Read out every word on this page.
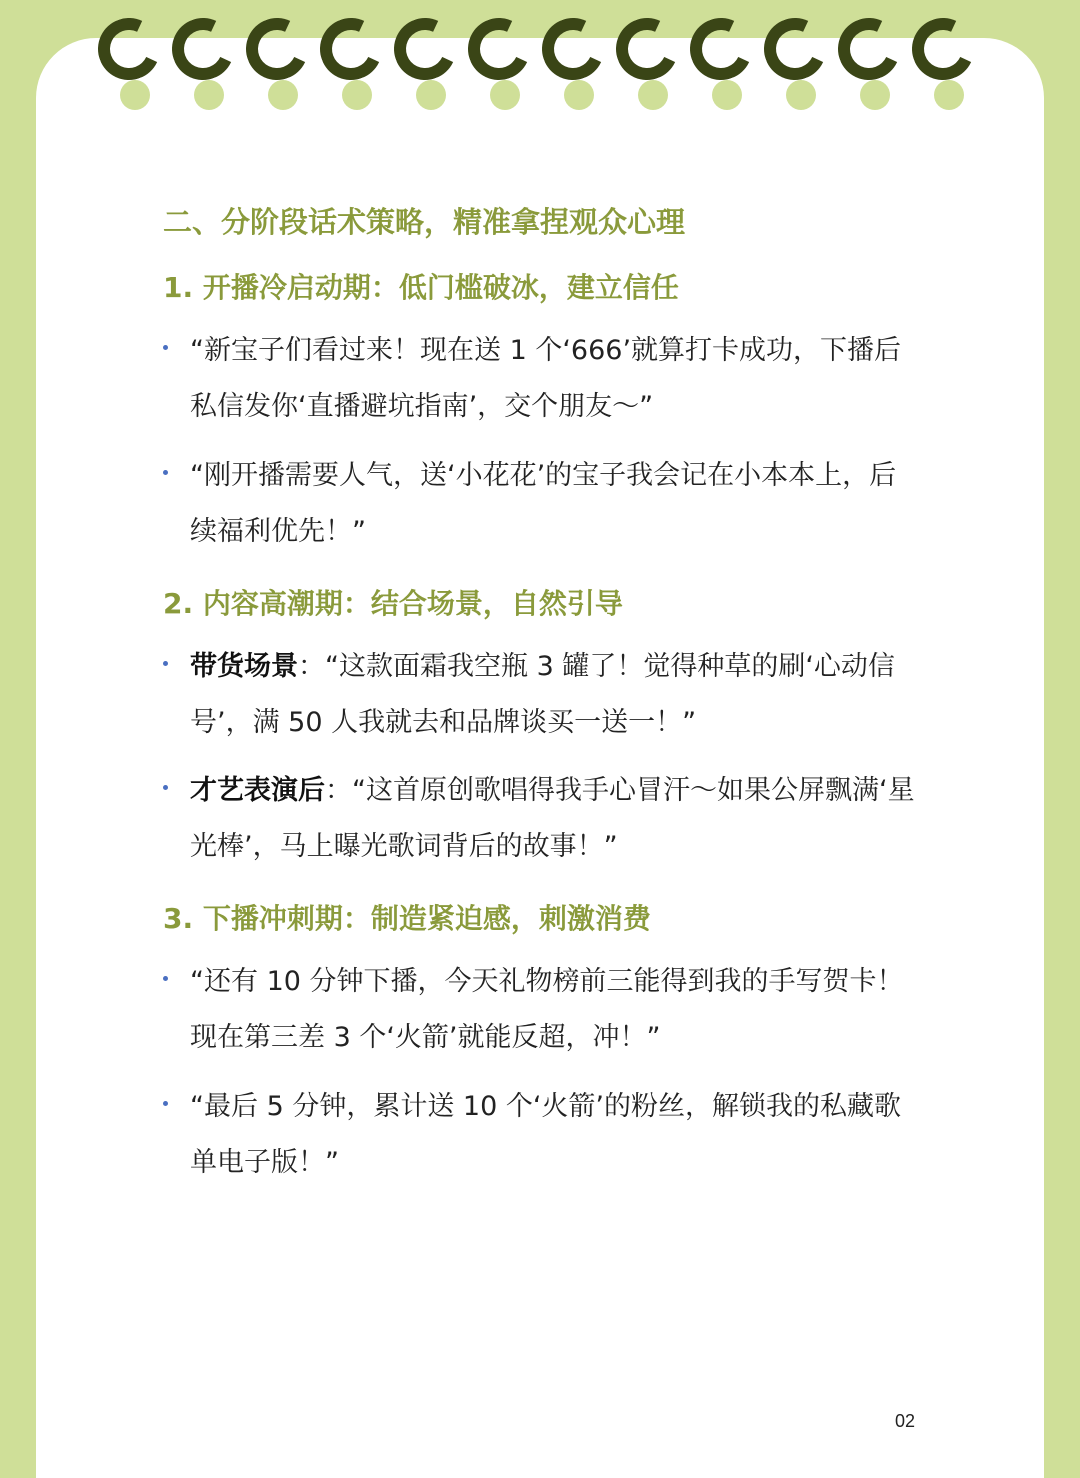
二、分阶段话术策略，精准拿捏观众心理
1. 开播冷启动期：低门槛破冰，建立信任
“新宝子们看过来！现在送 1 个‘666’就算打卡成功，下播后私信发你‘直播避坑指南’，交个朋友～”
“刚开播需要人气，送‘小花花’的宝子我会记在小本本上，后续福利优先！”
2. 内容高潮期：结合场景，自然引导
带货场景：“这款面霜我空瓶 3 罐了！觉得种草的刷‘心动信号’，满 50 人我就去和品牌谈买一送一！”
才艺表演后：“这首原创歌唱得我手心冒汗～如果公屏飘满‘星光棒’，马上曝光歌词背后的故事！”
3. 下播冲刺期：制造紧迫感，刺激消费
“还有 10 分钟下播，今天礼物榜前三能得到我的手写贺卡！现在第三差 3 个‘火箭’就能反超，冲！”
“最后 5 分钟，累计送 10 个‘火箭’的粉丝，解锁我的私藏歌单电子版！”
02
